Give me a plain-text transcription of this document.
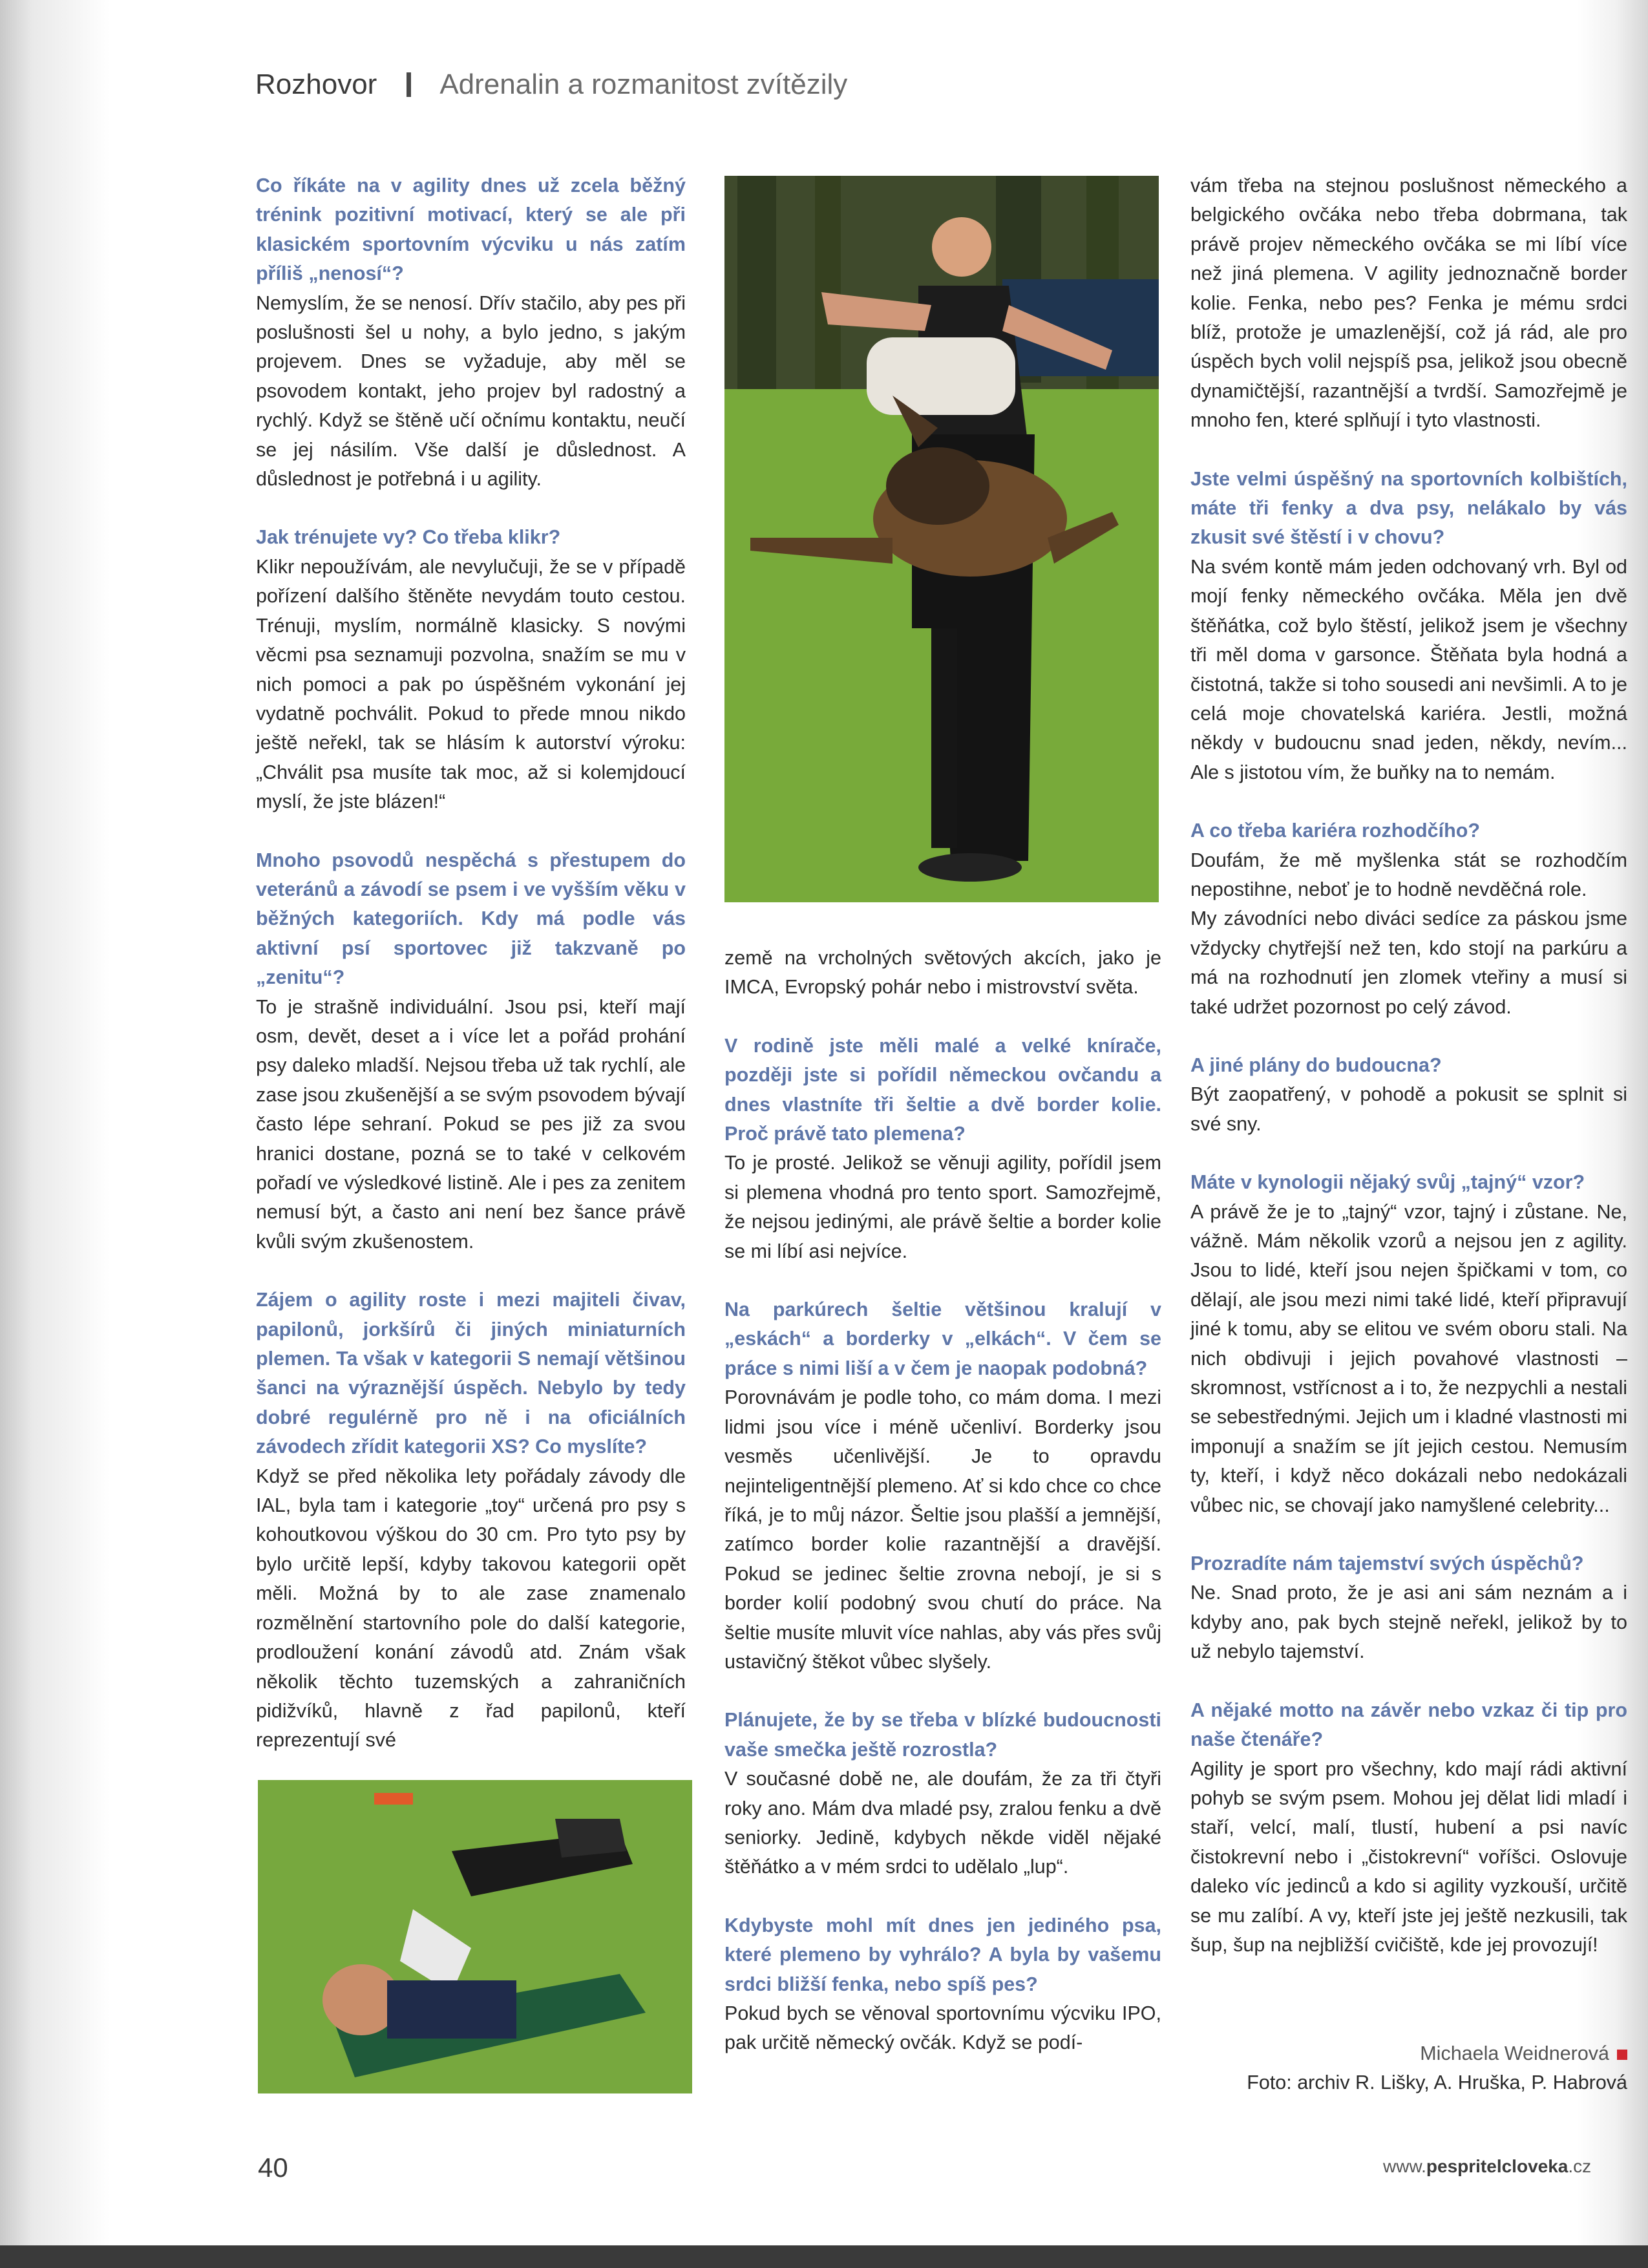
Rozhovor Adrenalin a rozmanitost zvítězily

Co říkáte na v agility dnes už zcela běžný trénink pozitivní motivací, který se ale při klasickém sportovním výcviku u nás zatím příliš „nenosí“?

Nemyslím, že se nenosí. Dřív stačilo, aby pes při poslušnosti šel u nohy, a bylo jedno, s jakým projevem. Dnes se vyžaduje, aby měl se psovodem kontakt, jeho projev byl radostný a rychlý. Když se štěně učí očnímu kontaktu, neučí se jej násilím. Vše další je důslednost. A důslednost je potřebná i u agility.

Jak trénujete vy? Co třeba klikr?

Klikr nepoužívám, ale nevylučuji, že se v případě pořízení dalšího štěněte nevydám touto cestou. Trénuji, myslím, normálně klasicky. S novými věcmi psa seznamuji pozvolna, snažím se mu v nich pomoci a pak po úspěšném vykonání jej vydatně pochválit. Pokud to přede mnou nikdo ještě neřekl, tak se hlásím k autorství výroku: „Chválit psa musíte tak moc, až si kolemjdoucí myslí, že jste blázen!“

Mnoho psovodů nespěchá s přestupem do veteránů a závodí se psem i ve vyšším věku v běžných kategoriích. Kdy má podle vás aktivní psí sportovec již takzvaně po „zenitu“?

To je strašně individuální. Jsou psi, kteří mají osm, devět, deset a i více let a pořád prohání psy daleko mladší. Nejsou třeba už tak rychlí, ale zase jsou zkušenější a se svým psovodem bývají často lépe sehraní. Pokud se pes již za svou hranici dostane, pozná se to také v celkovém pořadí ve výsledkové listině. Ale i pes za zenitem nemusí být, a často ani není bez šance právě kvůli svým zkušenostem.

Zájem o agility roste i mezi majiteli čivav, papilonů, jorkšírů či jiných miniaturních plemen. Ta však v kategorii S nemají většinou šanci na výraznější úspěch. Nebylo by tedy dobré regulérně pro ně i na oficiálních závodech zřídit kategorii XS? Co myslíte?

Když se před několika lety pořádaly závody dle IAL, byla tam i kategorie „toy“ určená pro psy s kohoutkovou výškou do 30 cm. Pro tyto psy by bylo určitě lepší, kdyby takovou kategorii opět měli. Možná by to ale zase znamenalo rozmělnění startovního pole do další kategorie, prodloužení konání závodů atd. Znám však několik těchto tuzemských a zahraničních pidižvíků, hlavně z řad papilonů, kteří reprezentují své

země na vrcholných světových akcích, jako je IMCA, Evropský pohár nebo i mistrovství světa.

V rodině jste měli malé a velké knírače, později jste si pořídil německou ovčandu a dnes vlastníte tři šeltie a dvě border kolie. Proč právě tato plemena?

To je prosté. Jelikož se věnuji agility, pořídil jsem si plemena vhodná pro tento sport. Samozřejmě, že nejsou jedinými, ale právě šeltie a border kolie se mi líbí asi nejvíce.

Na parkúrech šeltie většinou kralují v „eskách“ a borderky v „elkách“. V čem se práce s nimi liší a v čem je naopak podobná?

Porovnávám je podle toho, co mám doma. I mezi lidmi jsou více i méně učenliví. Borderky jsou vesměs učenlivější. Je to opravdu nejinteligentnější plemeno. Ať si kdo chce co chce říká, je to můj názor. Šeltie jsou plašší a jemnější, zatímco border kolie razantnější a dravější. Pokud se jedinec šeltie zrovna nebojí, je si s border kolií podobný svou chutí do práce. Na šeltie musíte mluvit více nahlas, aby vás přes svůj ustavičný štěkot vůbec slyšely.

Plánujete, že by se třeba v blízké budoucnosti vaše smečka ještě rozrostla?

V současné době ne, ale doufám, že za tři čtyři roky ano. Mám dva mladé psy, zralou fenku a dvě seniorky. Jedině, kdybych někde viděl nějaké štěňátko a v mém srdci to udělalo „lup“.

Kdybyste mohl mít dnes jen jediného psa, které plemeno by vyhrálo? A byla by vašemu srdci bližší fenka, nebo spíš pes?

Pokud bych se věnoval sportovnímu výcviku IPO, pak určitě německý ovčák. Když se podí-

vám třeba na stejnou poslušnost německého a belgického ovčáka nebo třeba dobrmana, tak právě projev německého ovčáka se mi líbí více než jiná plemena. V agility jednoznačně border kolie. Fenka, nebo pes? Fenka je mému srdci blíž, protože je umazlenější, což já rád, ale pro úspěch bych volil nejspíš psa, jelikož jsou obecně dynamičtější, razantnější a tvrdší. Samozřejmě je mnoho fen, které splňují i tyto vlastnosti.

Jste velmi úspěšný na sportovních kolbištích, máte tři fenky a dva psy, nelákalo by vás zkusit své štěstí i v chovu?

Na svém kontě mám jeden odchovaný vrh. Byl od mojí fenky německého ovčáka. Měla jen dvě štěňátka, což bylo štěstí, jelikož jsem je všechny tři měl doma v garsonce. Štěňata byla hodná a čistotná, takže si toho sousedi ani nevšimli. A to je celá moje chovatelská kariéra. Jestli, možná někdy v budoucnu snad jeden, někdy, nevím... Ale s jistotou vím, že buňky na to nemám.

A co třeba kariéra rozhodčího?

Doufám, že mě myšlenka stát se rozhodčím nepostihne, neboť je to hodně nevděčná role.

My závodníci nebo diváci sedíce za páskou jsme vždycky chytřejší než ten, kdo stojí na parkúru a má na rozhodnutí jen zlomek vteřiny a musí si také udržet pozornost po celý závod.

A jiné plány do budoucna?

Být zaopatřený, v pohodě a pokusit se splnit si své sny.

Máte v kynologii nějaký svůj „tajný“ vzor?

A právě že je to „tajný“ vzor, tajný i zůstane. Ne, vážně. Mám několik vzorů a nejsou jen z agility. Jsou to lidé, kteří jsou nejen špičkami v tom, co dělají, ale jsou mezi nimi také lidé, kteří připravují jiné k tomu, aby se elitou ve svém oboru stali. Na nich obdivuji i jejich povahové vlastnosti – skromnost, vstřícnost a i to, že nezpychli a nestali se sebestřednými. Jejich um i kladné vlastnosti mi imponují a snažím se jít jejich cestou. Nemusím ty, kteří, i když něco dokázali nebo nedokázali vůbec nic, se chovají jako namyšlené celebrity...

Prozradíte nám tajemství svých úspěchů?

Ne. Snad proto, že je asi ani sám neznám a i kdyby ano, pak bych stejně neřekl, jelikož by to už nebylo tajemství.

A nějaké motto na závěr nebo vzkaz či tip pro naše čtenáře?

Agility je sport pro všechny, kdo mají rádi aktivní pohyb se svým psem. Mohou jej dělat lidi mladí i staří, velcí, malí, tlustí, hubení a psi navíc čistokrevní nebo i „čistokrevní“ voříšci. Oslovuje daleko víc jedinců a kdo si agility vyzkouší, určitě se mu zalíbí. A vy, kteří jste jej ještě nezkusili, tak šup, šup na nejbližší cvičiště, kde jej provozují!

Michaela Weidnerová
Foto: archiv R. Lišky, A. Hruška, P. Habrová
40	www.pespritelcloveka.cz
